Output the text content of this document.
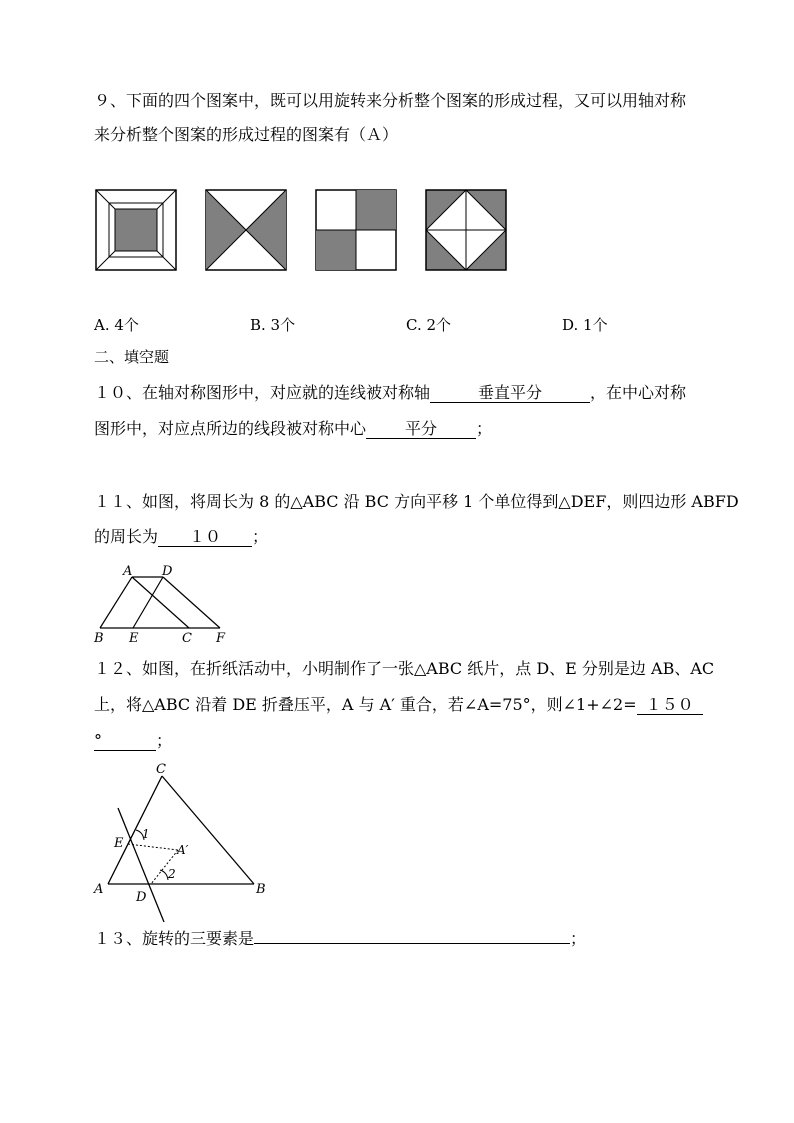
９、下面的四个图案中，既可以用旋转来分析整个图案的形成过程，又可以用轴对称
来分析整个图案的形成过程的图案有（Ａ）
A. 4个	B. 3个	C. 2个	D. 1个
二、填空题
１０、在轴对称图形中，对应就的连线被对称轴	垂直平分	，在中心对称
图形中，对应点所边的线段被对称中心 平分 ；
１１、如图，将周长为 8 的△ABC 沿 BC 方向平移 1 个单位得到△DEF，则四边形 ABFD
的周长为 １０ ；
A D
B E	C F
１２、如图，在折纸活动中，小明制作了一张△ABC 纸片，点 D、E 分别是边 AB、AC
上，将△ABC 沿着 DE 折叠压平，A 与 A′ 重合，若∠A=75°，则∠1+∠2= １５０
°	；
C
E
1
A′
2
A
D
B
１３、旋转的三要素是	；
